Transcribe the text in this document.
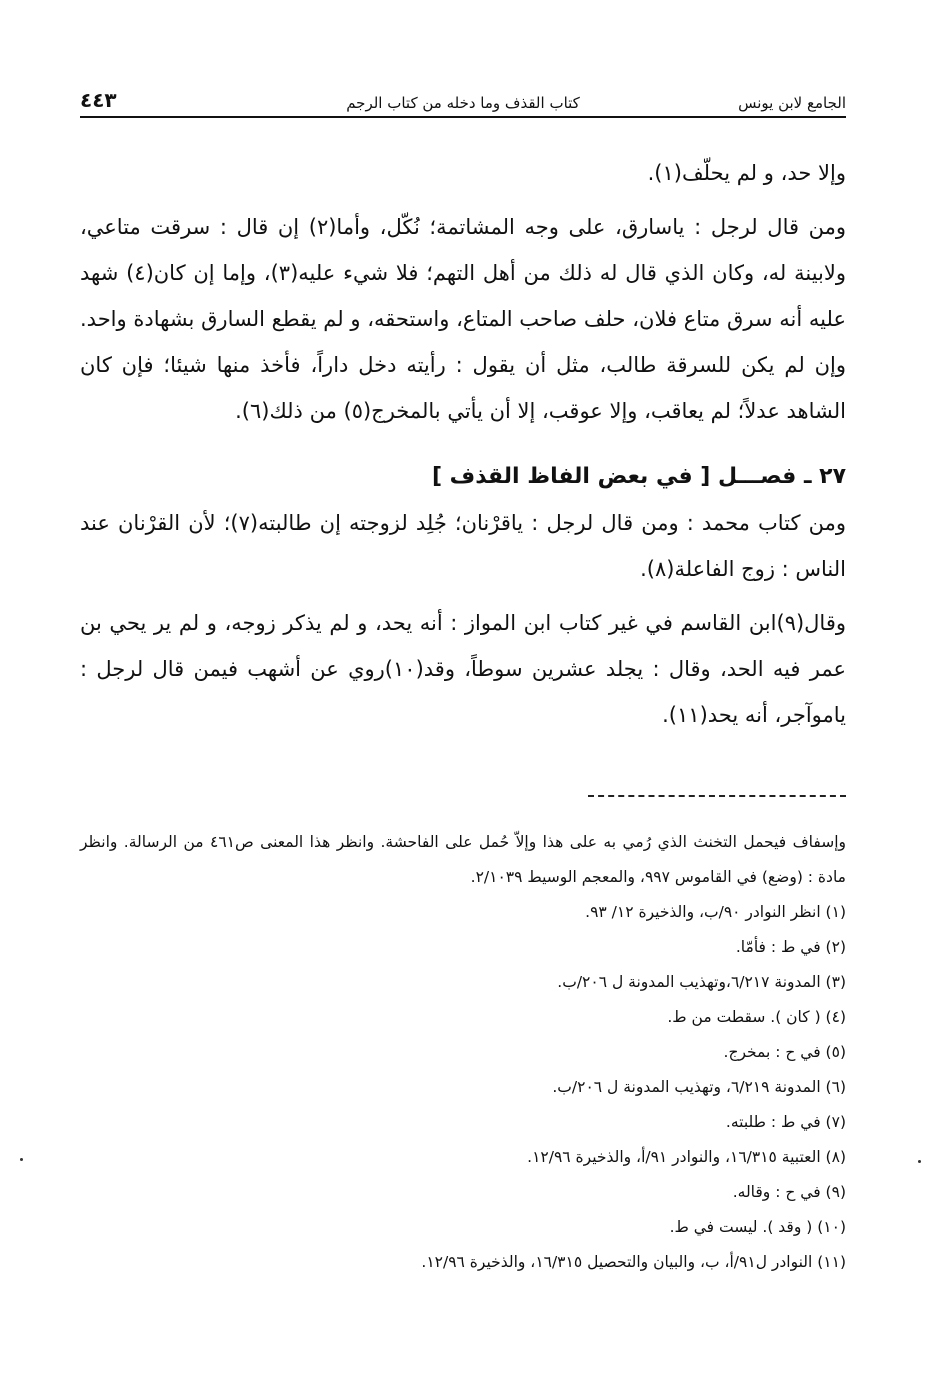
الجامع لابن يونس
كتاب القذف وما دخله من كتاب الرجم
٤٤٣

وإلا حد، و لم يحلّف(١).

ومن قال لرجل : ياسارق، على وجه المشاتمة؛ نُكّل، وأما(٢) إن قال : سرقت متاعي، ولابينة له، وكان الذي قال له ذلك من أهل التهم؛ فلا شيء عليه(٣)، وإما إن كان(٤) شهد عليه أنه سرق متاع فلان، حلف صاحب المتاع، واستحقه، و لم يقطع السارق بشهادة واحد. وإن لم يكن للسرقة طالب، مثل أن يقول : رأيته دخل داراً، فأخذ منها شيئا؛ فإن كان الشاهد عدلاً؛ لم يعاقب، وإلا عوقب، إلا أن يأتي بالمخرج(٥) من ذلك(٦).

٢٧ ـ فصـــل [ في بعض الفاظ القذف ]

ومن كتاب محمد : ومن قال لرجل : ياقرْنان؛ جُلِد لزوجته إن طالبته(٧)؛ لأن القرْنان عند الناس : زوج الفاعلة(٨).

وقال(٩)ابن القاسم في غير كتاب ابن المواز : أنه يحد، و لم يذكر زوجه، و لم ير يحي بن عمر فيه الحد، وقال : يجلد عشرين سوطاً، وقد(١٠)روي عن أشهب فيمن قال لرجل : ياموآجر، أنه يحد(١١).

وإسفاف فيحمل التخنث الذي رُمي به على هذا وإلاّ حُمل على الفاحشة. وانظر هذا المعنى ص٤٦١ من الرسالة. وانظر مادة : (وضع) في القاموس ٩٩٧، والمعجم الوسيط ٢/١٠٣٩.

(١) انظر النوادر ٩٠/ب، والذخيرة ١٢/ ٩٣.

(٢) في ط : فأمّا.

(٣) المدونة ٦/٢١٧،وتهذيب المدونة ل ٢٠٦/ب.

(٤) ( كان ). سقطت من ط.

(٥) في ح : بمخرج.

(٦) المدونة ٦/٢١٩، وتهذيب المدونة ل ٢٠٦/ب.

(٧) في ط : طلبته.

(٨) العتبية ١٦/٣١٥، والنوادر ٩١/أ، والذخيرة ١٢/٩٦.

(٩) في ح : وقاله.

(١٠) ( وقد ). ليست في ط.

(١١) النوادر ل٩١/أ، ب، والبيان والتحصيل ١٦/٣١٥، والذخيرة ١٢/٩٦.
